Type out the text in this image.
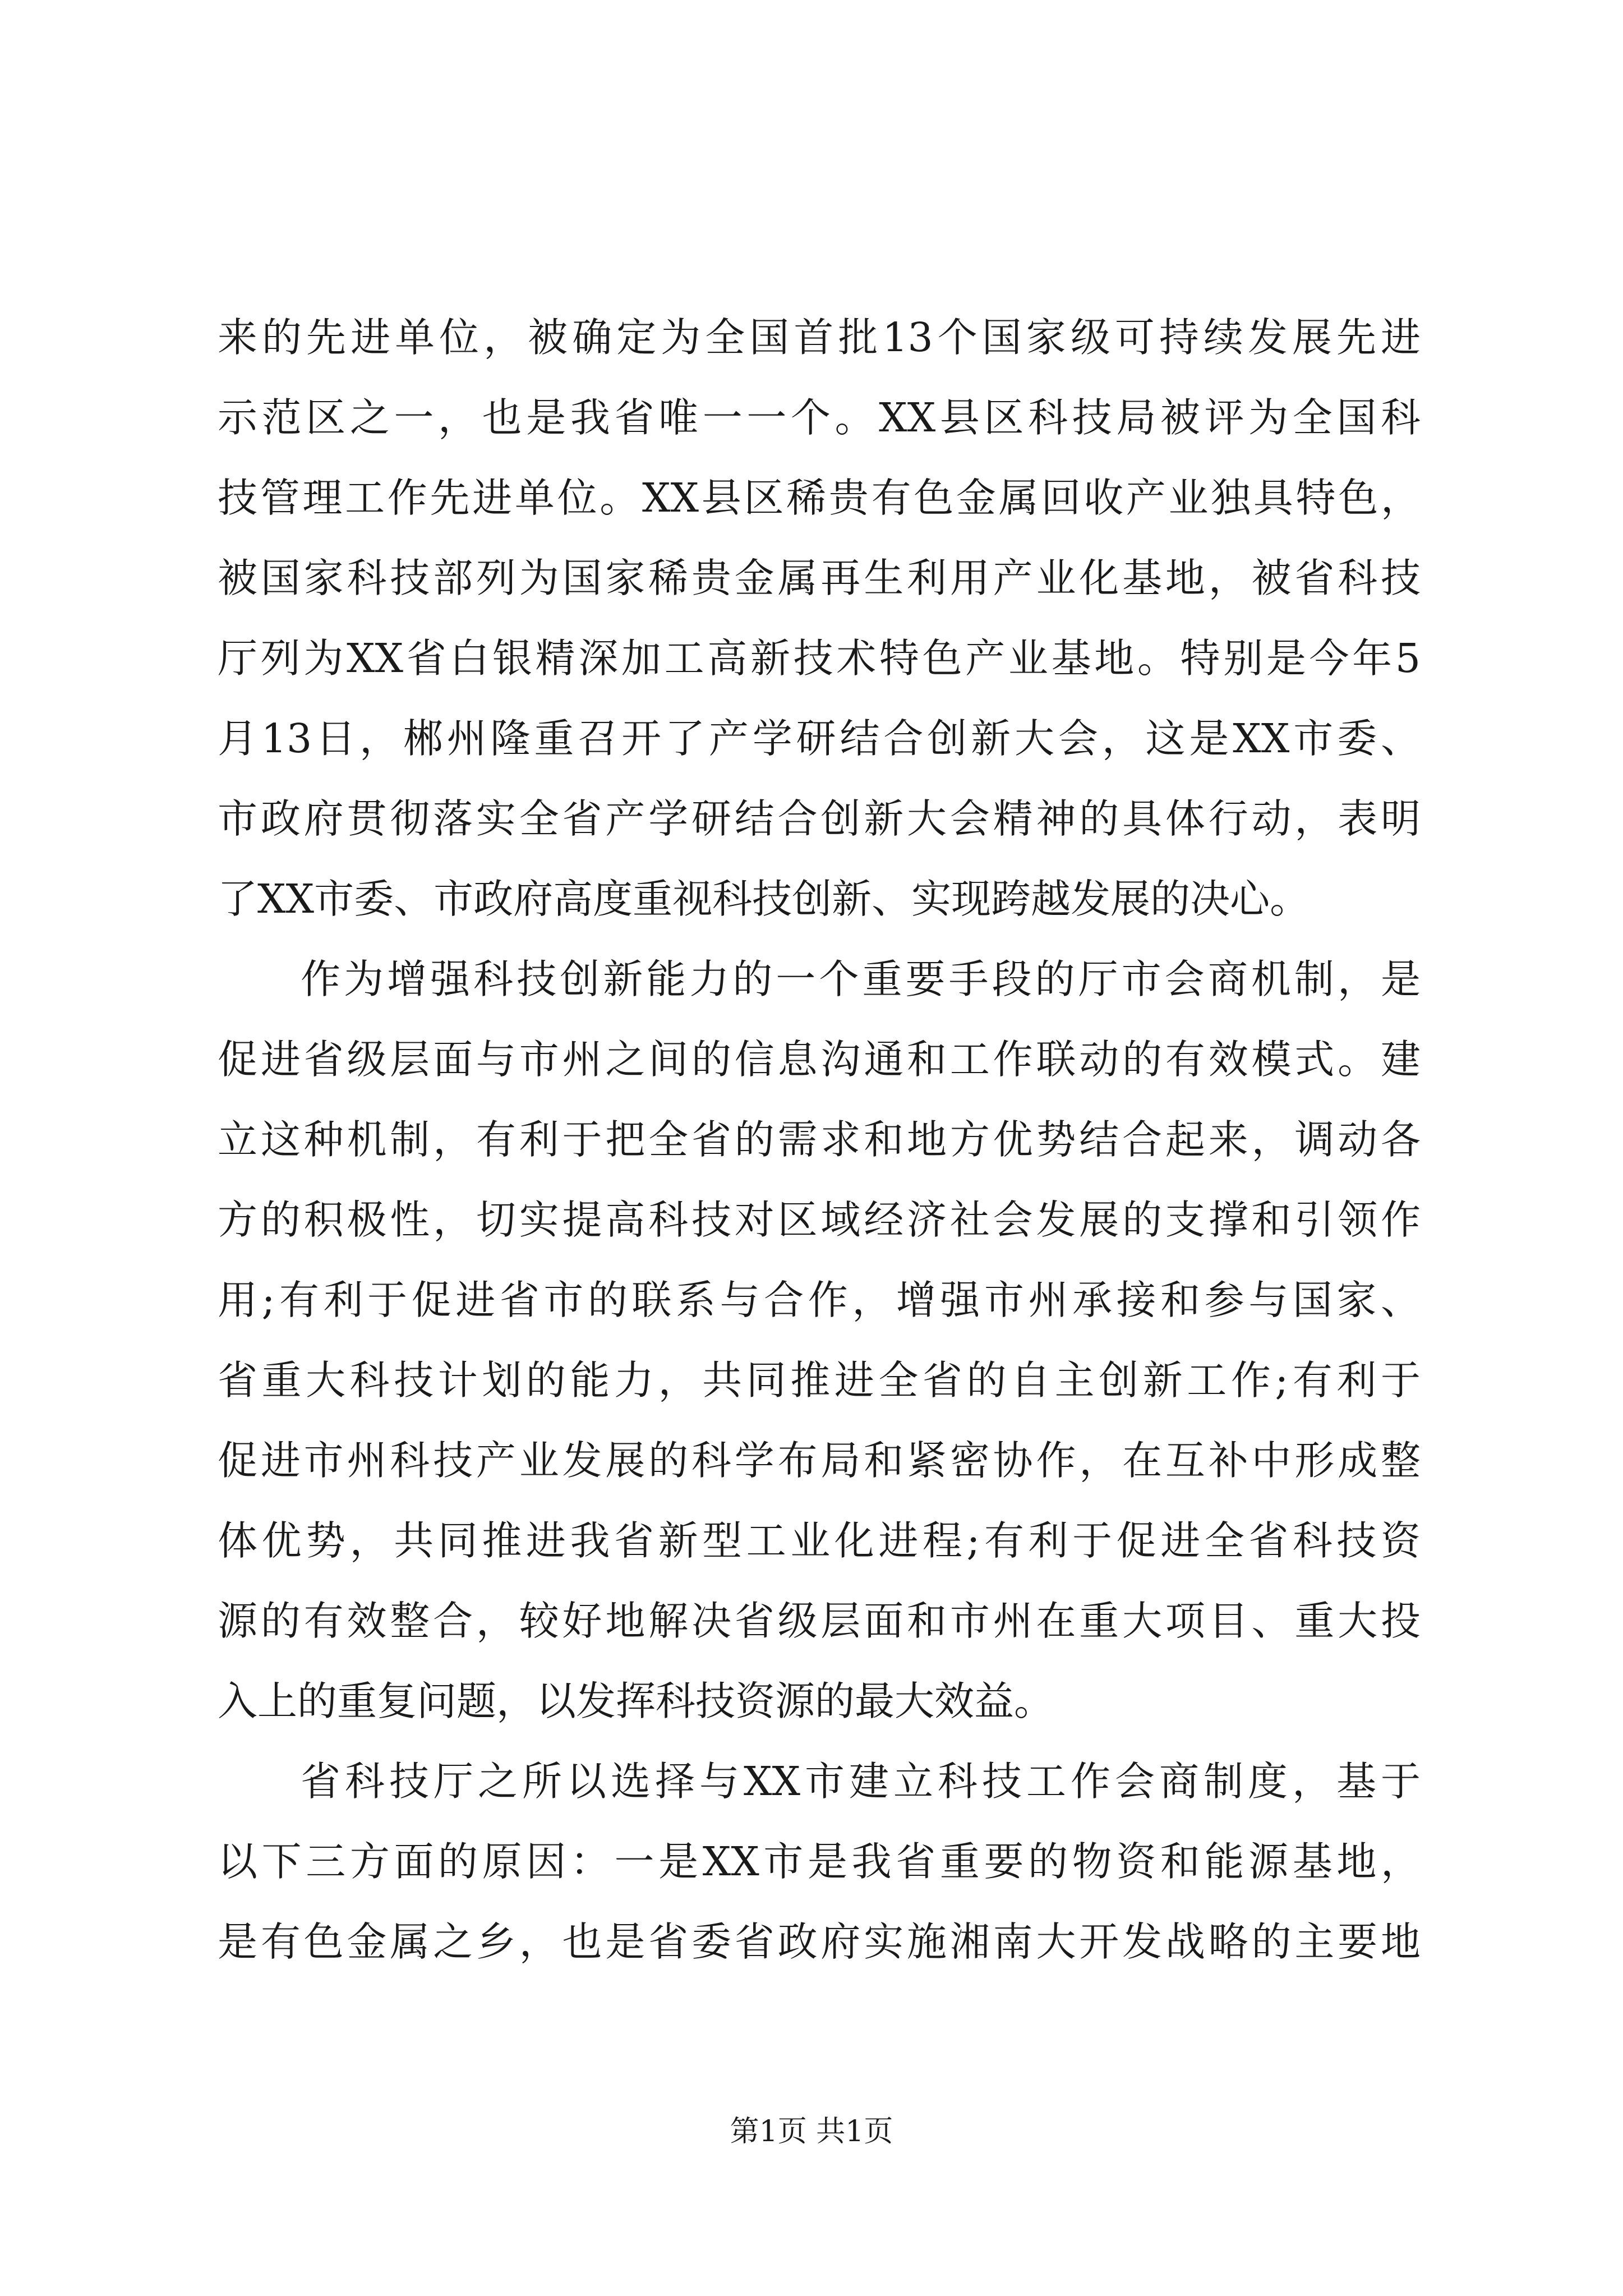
来的先进单位，被确定为全国首批13个国家级可持续发展先进
示范区之一，也是我省唯一一个。XX县区科技局被评为全国科
技管理工作先进单位。XX县区稀贵有色金属回收产业独具特色，
被国家科技部列为国家稀贵金属再生利用产业化基地，被省科技
厅列为XX省白银精深加工高新技术特色产业基地。特别是今年5
月13日，郴州隆重召开了产学研结合创新大会，这是XX市委、
市政府贯彻落实全省产学研结合创新大会精神的具体行动，表明
了XX市委、市政府高度重视科技创新、实现跨越发展的决心。
作为增强科技创新能力的一个重要手段的厅市会商机制，是
促进省级层面与市州之间的信息沟通和工作联动的有效模式。建
立这种机制，有利于把全省的需求和地方优势结合起来，调动各
方的积极性，切实提高科技对区域经济社会发展的支撑和引领作
用;有利于促进省市的联系与合作，增强市州承接和参与国家、
省重大科技计划的能力，共同推进全省的自主创新工作;有利于
促进市州科技产业发展的科学布局和紧密协作，在互补中形成整
体优势，共同推进我省新型工业化进程;有利于促进全省科技资
源的有效整合，较好地解决省级层面和市州在重大项目、重大投
入上的重复问题，以发挥科技资源的最大效益。
省科技厅之所以选择与XX市建立科技工作会商制度，基于
以下三方面的原因：一是XX市是我省重要的物资和能源基地，
是有色金属之乡，也是省委省政府实施湘南大开发战略的主要地
第1页 共1页
